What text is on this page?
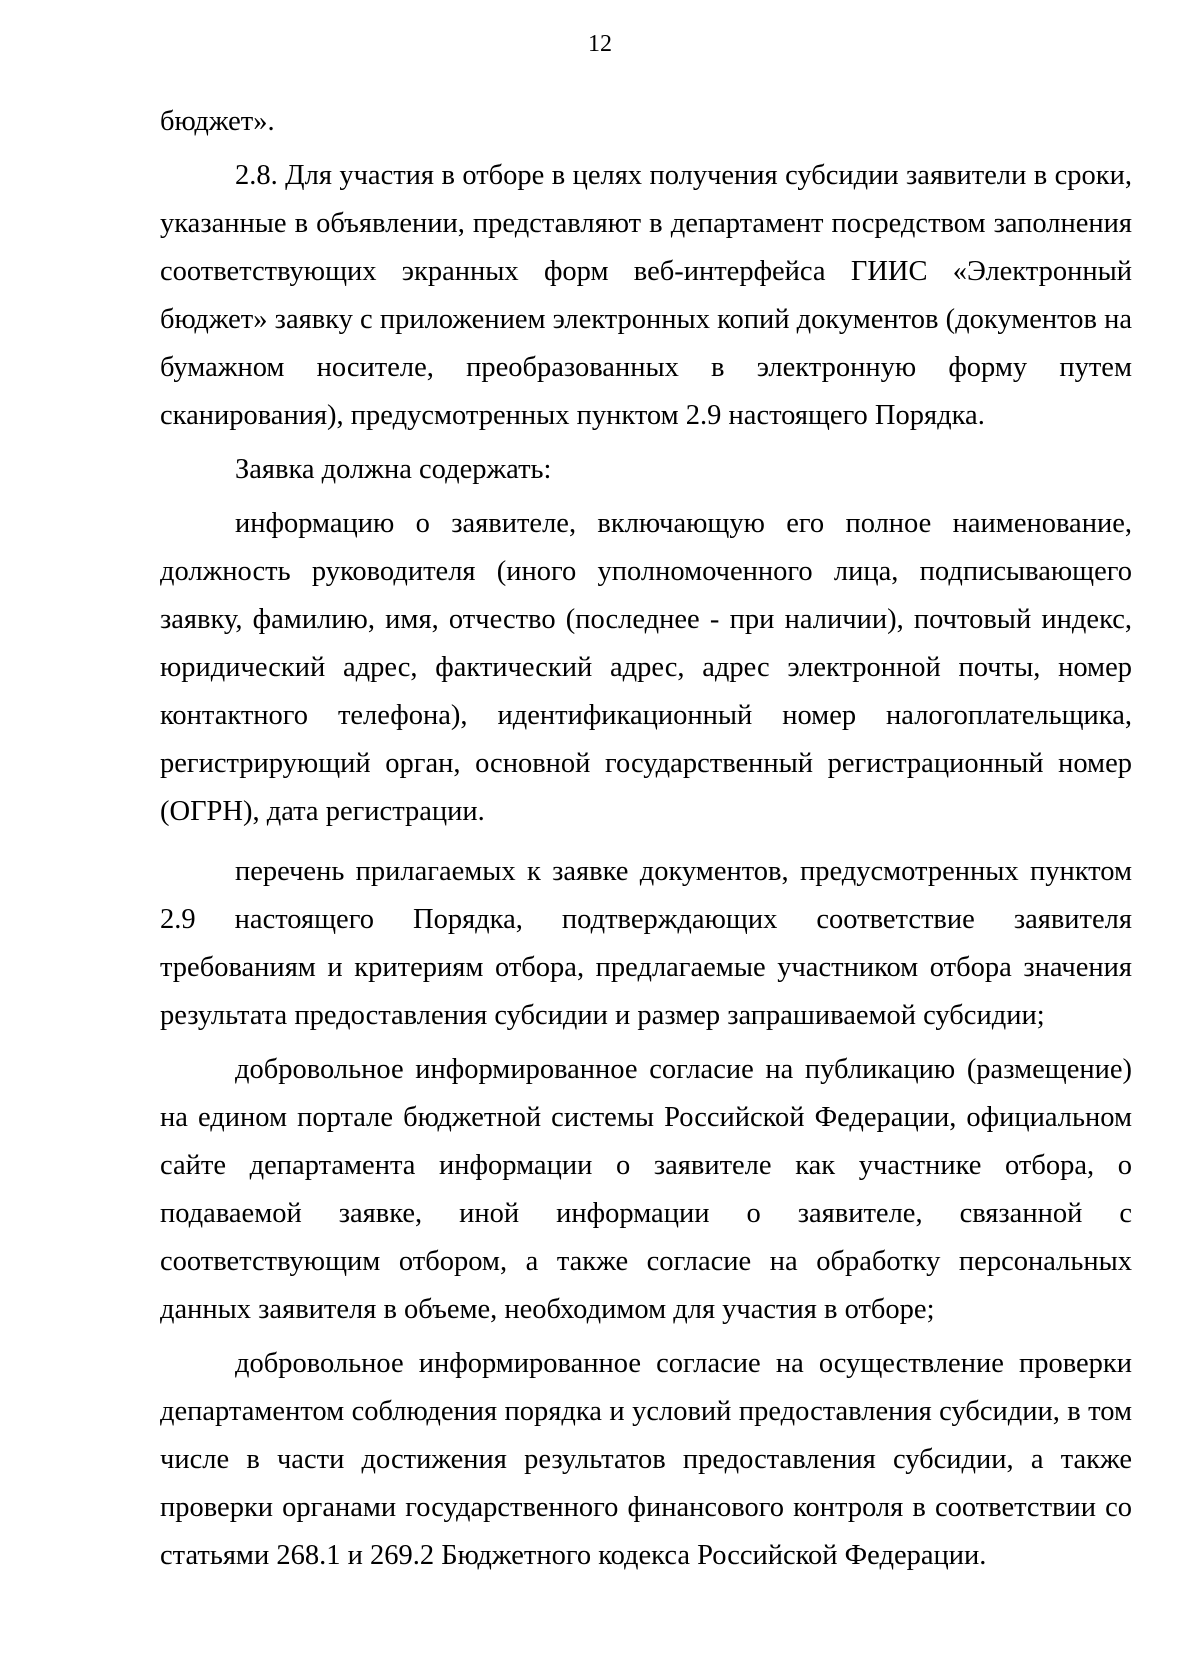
12

бюджет».

2.8. Для участия в отборе в целях получения субсидии заявители в сроки, указанные в объявлении, представляют в департамент посредством заполнения соответствующих экранных форм веб-интерфейса ГИИС «Электронный бюджет» заявку с приложением электронных копий документов (документов на бумажном носителе, преобразованных в электронную форму путем сканирования), предусмотренных пунктом 2.9 настоящего Порядка.

Заявка должна содержать:

информацию о заявителе, включающую его полное наименование, должность руководителя (иного уполномоченного лица, подписывающего заявку, фамилию, имя, отчество (последнее - при наличии), почтовый индекс, юридический адрес, фактический адрес, адрес электронной почты, номер контактного телефона), идентификационный номер налогоплательщика, регистрирующий орган, основной государственный регистрационный номер (ОГРН), дата регистрации.

перечень прилагаемых к заявке документов, предусмотренных пунктом 2.9 настоящего Порядка, подтверждающих соответствие заявителя требованиям и критериям отбора, предлагаемые участником отбора значения результата предоставления субсидии и размер запрашиваемой субсидии;

добровольное информированное согласие на публикацию (размещение) на едином портале бюджетной системы Российской Федерации, официальном сайте департамента информации о заявителе как участнике отбора, о подаваемой заявке, иной информации о заявителе, связанной с соответствующим отбором, а также согласие на обработку персональных данных заявителя в объеме, необходимом для участия в отборе;

добровольное информированное согласие на осуществление проверки департаментом соблюдения порядка и условий предоставления субсидии, в том числе в части достижения результатов предоставления субсидии, а также проверки органами государственного финансового контроля в соответствии со статьями 268.1 и 269.2 Бюджетного кодекса Российской Федерации.
